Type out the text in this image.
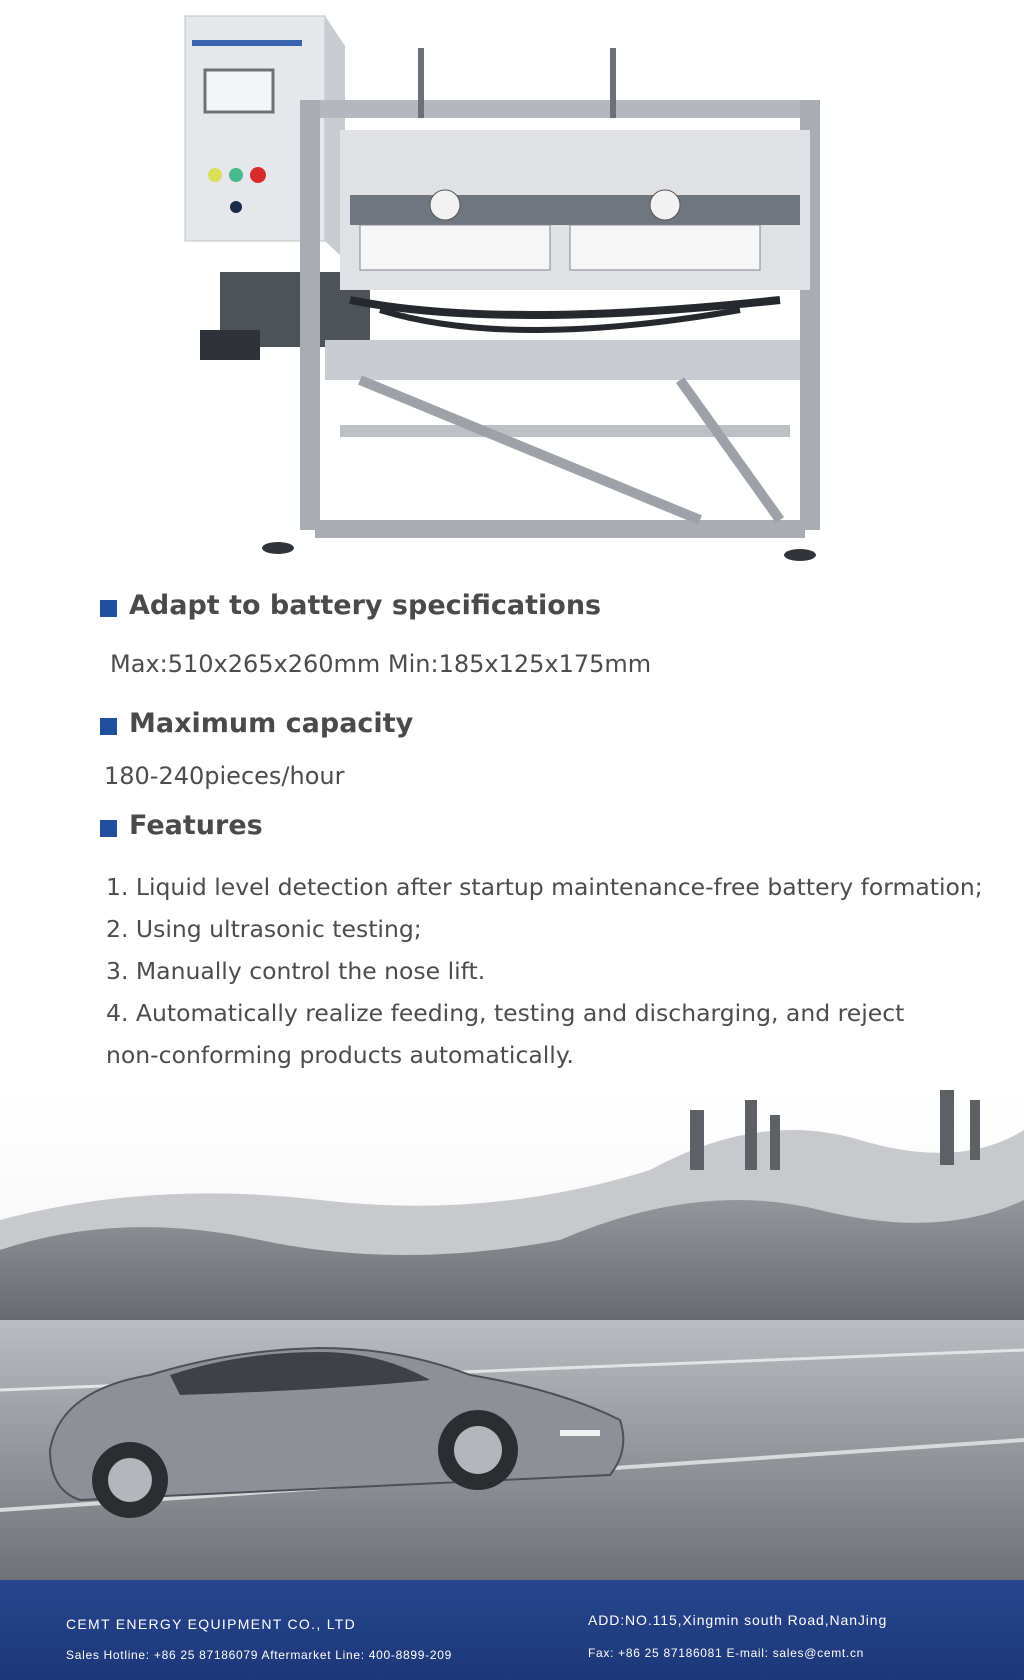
Adapt to battery specifications

Max:510x265x260mm Min:185x125x175mm

Maximum capacity

180-240pieces/hour

Features
1. Liquid level detection after startup maintenance-free battery formation;
2. Using ultrasonic testing;
3. Manually control the nose lift.
4. Automatically realize feeding, testing and discharging, and reject
non-conforming products automatically.
CEMT ENERGY EQUIPMENT CO., LTD
Sales Hotline: +86 25 87186079 Aftermarket Line: 400-8899-209
ADD:NO.115,Xingmin south Road,NanJing
Fax: +86 25 87186081 E-mail: sales@cemt.cn
